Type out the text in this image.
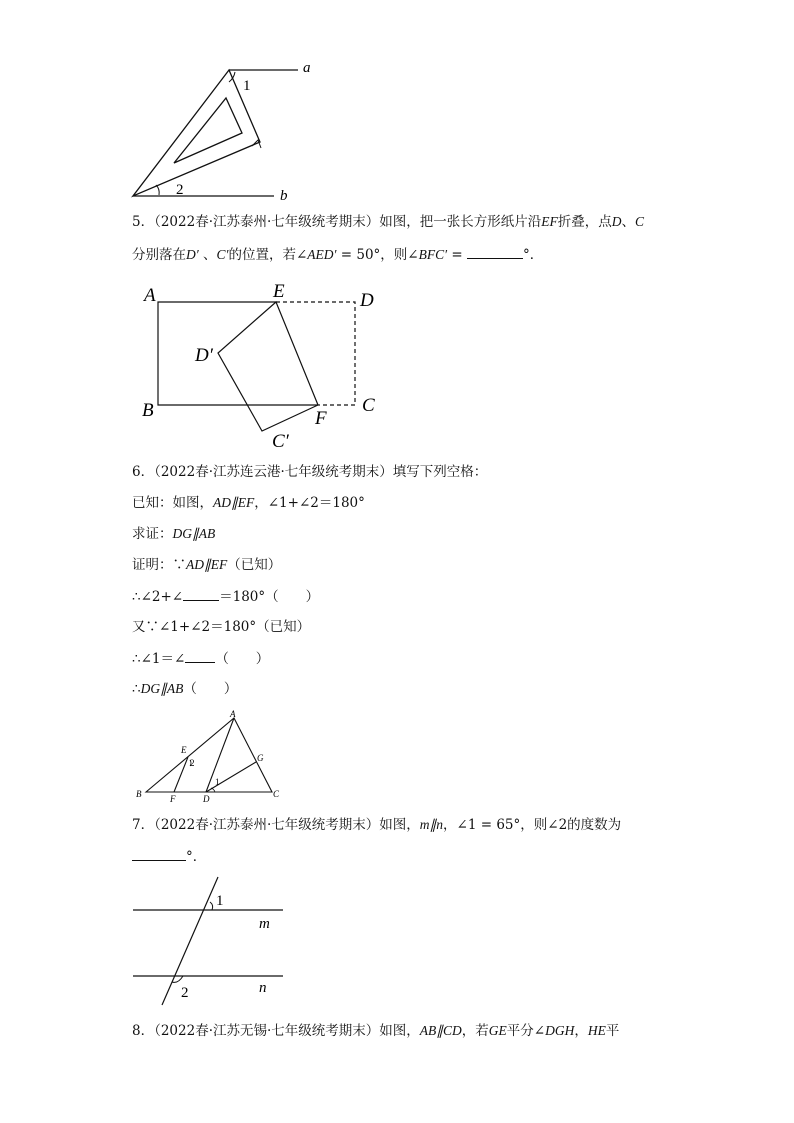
a
b
1
2
5．（2022春·江苏泰州·七年级统考期末）如图，把一张长方形纸片沿EF折叠，点D、C
分别落在D′ 、C′的位置，若∠AED′ = 50°，则∠BFC′ =	°．
A	E	D
D′
B	C
F
C′
6．（2022春·江苏连云港·七年级统考期末）填写下列空格：
已知：如图，AD∥EF，∠1+∠2＝180°
求证：DG∥AB
证明：∵AD∥EF（已知）
∴∠2+∠	＝180°（　　）
又∵∠1+∠2＝180°（已知）
∴∠1＝∠ （　　）
∴DG∥AB（　　）
A
E
G
B	F	D	C
1
2
7．（2022春·江苏泰州·七年级统考期末）如图，m∥n，∠1 = 65°，则∠2的度数为
°．
1
m
n
2
8．（2022春·江苏无锡·七年级统考期末）如图，AB∥CD，若GE平分∠DGH，HE平
